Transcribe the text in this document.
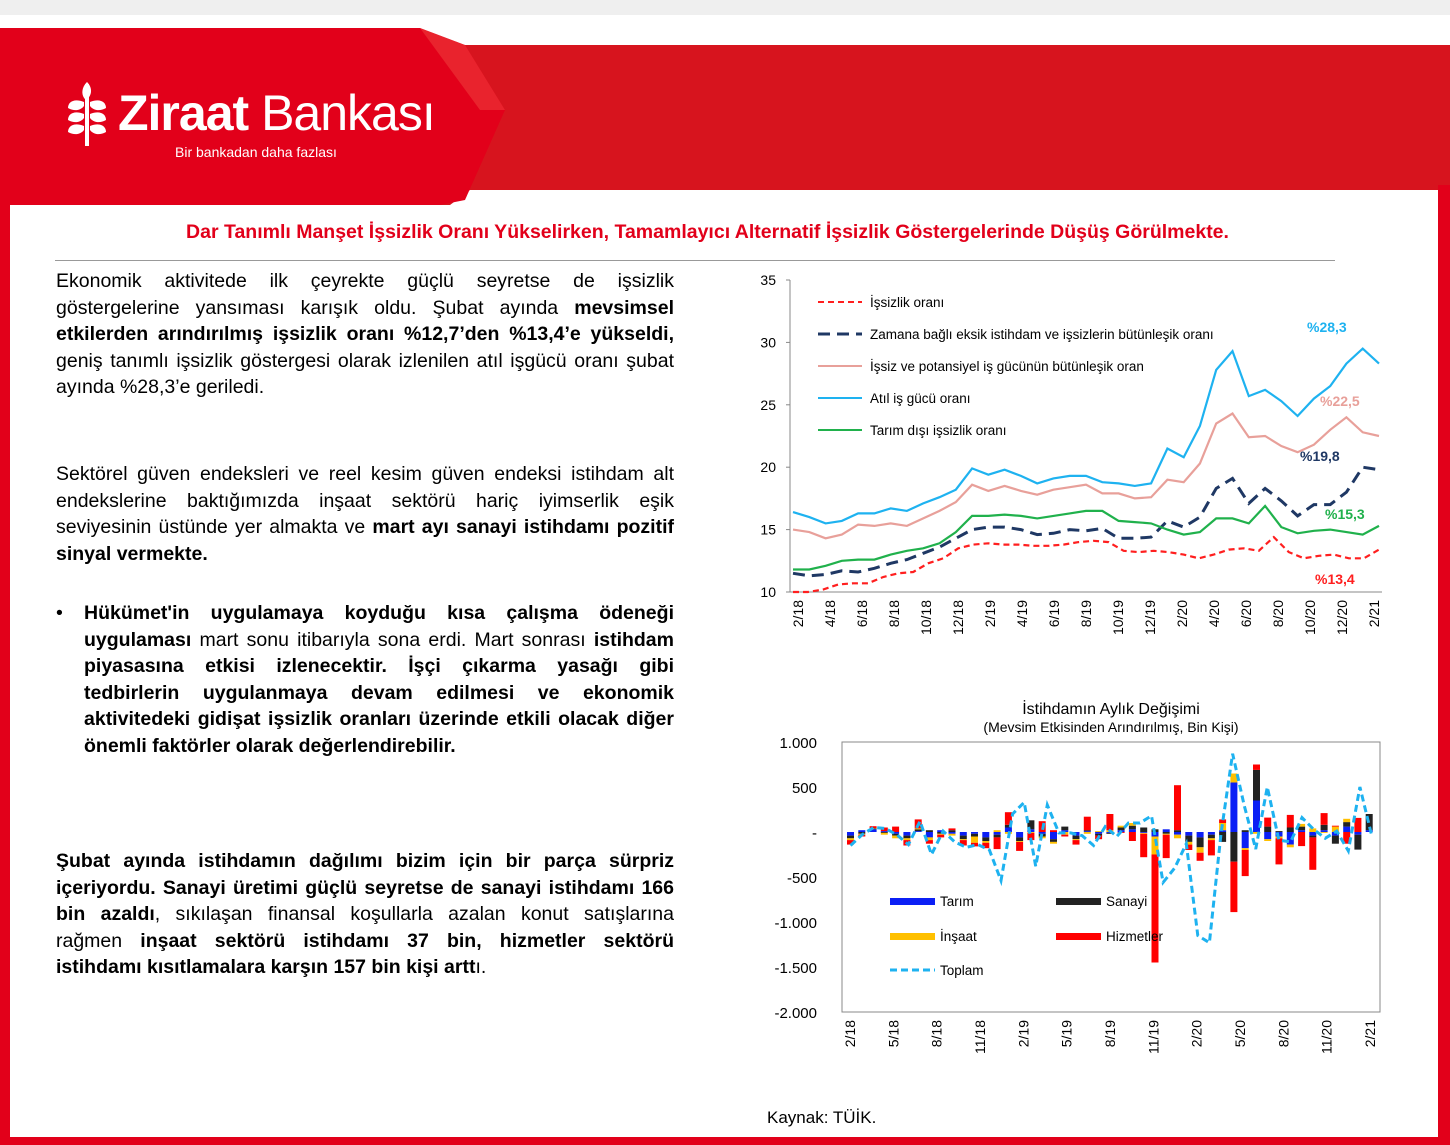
Ziraat Bankası
Bir bankadan daha fazlası
Dar Tanımlı Manşet İşsizlik Oranı Yükselirken, Tamamlayıcı Alternatif İşsizlik Göstergelerinde Düşüş Görülmekte.

Ekonomik aktivitede ilk çeyrekte güçlü seyretse de işsizlik göstergelerine yansıması karışık oldu. Şubat ayında mevsimsel etkilerden arındırılmış işsizlik oranı %12,7’den %13,4’e yükseldi, geniş tanımlı işsizlik göstergesi olarak izlenilen atıl işgücü oranı şubat ayında %28,3’e geriledi.

Sektörel güven endeksleri ve reel kesim güven endeksi istihdam alt endekslerine baktığımızda inşaat sektörü hariç iyimserlik eşik seviyesinin üstünde yer almakta ve mart ayı sanayi istihdamı pozitif sinyal vermekte.

• Hükümet'in uygulamaya koyduğu kısa çalışma ödeneği uygulaması mart sonu itibarıyla sona erdi. Mart sonrası istihdam piyasasına etkisi izlenecektir. İşçi çıkarma yasağı gibi tedbirlerin uygulanmaya devam edilmesi ve ekonomik aktivitedeki gidişat işsizlik oranları üzerinde etkili olacak diğer önemli faktörler olarak değerlendirebilir.

Şubat ayında istihdamın dağılımı bizim için bir parça sürpriz içeriyordu. Sanayi üretimi güçlü seyretse de sanayi istihdamı 166 bin azaldı, sıkılaşan finansal koşullarla azalan konut satışlarına rağmen inşaat sektörü istihdamı 37 bin, hizmetler sektörü istihdamı kısıtlamalara karşın 157 bin kişi arttı.

10
15
20
25
30
35
2/18 4/18 6/18 8/18 10/18 12/18 2/19 4/19 6/19 8/19 10/19 12/19 2/20 4/20 6/20 8/20 10/20 12/20 2/21
İşsizlik oranı
%13,4
Zamana bağlı eksik istihdam ve işsizlerin bütünleşik oranı
%19,8
İşsiz ve potansiyel iş gücünün bütünleşik oran
%22,5
Atıl iş gücü oranı
%28,3
Tarım dışı işsizlik oranı
%15,3
İstihdamın Aylık Değişimi
(Mevsim Etkisinden Arındırılmış, Bin Kişi)
1.000
500
-
-500
-1.000
-1.500
-2.000
2/18 5/18 8/18 11/18 2/19 5/19 8/19 11/19 2/20 5/20 8/20 11/20 2/21
Tarım	Sanayi
İnşaat	Hizmetler
Toplam
Kaynak: TÜİK.
